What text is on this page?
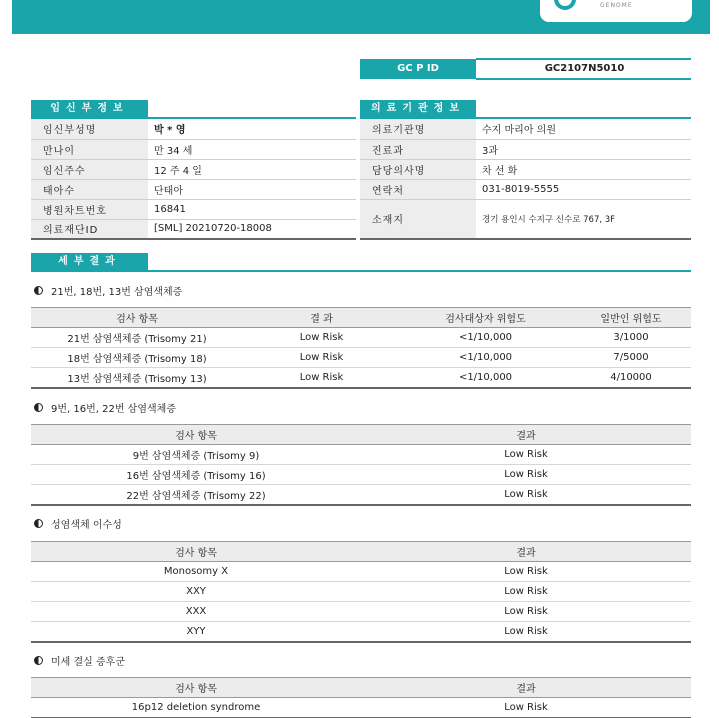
GENOME
GC P ID	GC2107N5010
임신부정보
임신부성명	박 * 영
만나이	만 34 세
임신주수	12 주 4 일
태아수	단태아
병원차트번호	16841
의료재단ID	[SML] 20210720-18008
의료기관정보
의료기관명	수지 마리아 의원
진료과	3과
담당의사명	차 선 화
연락처	031-8019-5555
소재지	경기 용인시 수지구 신수로 767, 3F
세부결과
21번, 18번, 13번 삼염색체증
검사 항목	결 과	검사대상자 위험도	일반인 위험도
21번 삼염색체증 (Trisomy 21)	Low Risk	<1/10,000	3/1000
18번 삼염색체증 (Trisomy 18)	Low Risk	<1/10,000	7/5000
13번 삼염색체증 (Trisomy 13)	Low Risk	<1/10,000	4/10000
9번, 16번, 22번 삼염색체증
검사 항목	결과
9번 삼염색체증 (Trisomy 9)	Low Risk
16번 삼염색체증 (Trisomy 16)	Low Risk
22번 삼염색체증 (Trisomy 22)	Low Risk
성염색체 이수성
검사 항목	결과
Monosomy X	Low Risk
XXY	Low Risk
XXX	Low Risk
XYY	Low Risk
미세 결실 증후군
검사 항목	결과
16p12 deletion syndrome	Low Risk
